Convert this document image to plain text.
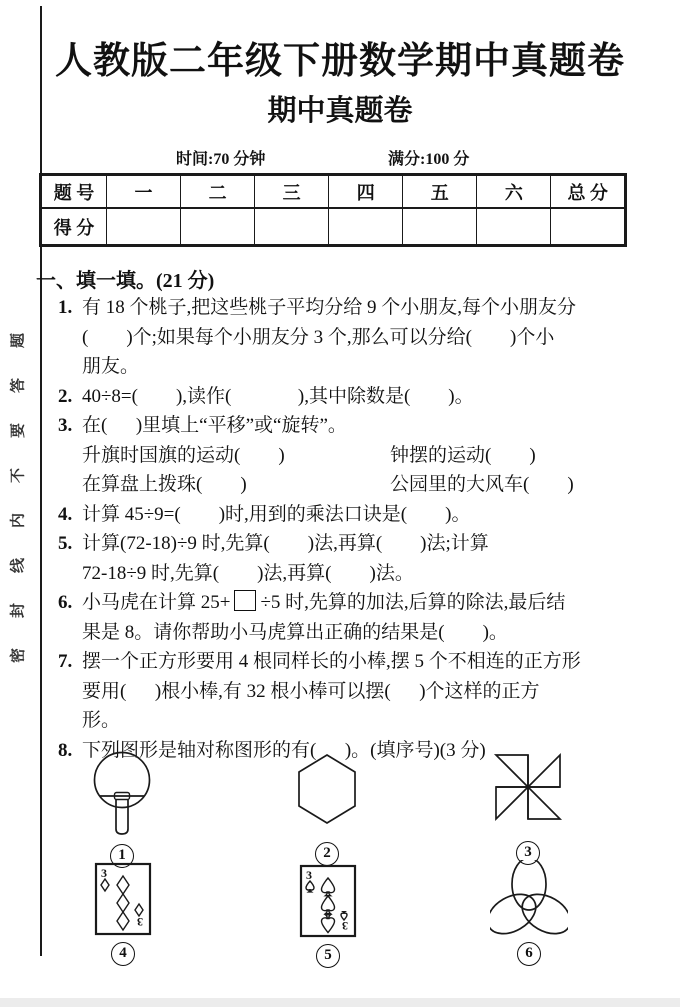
题
答
要
不
内
线
封
密
人教版二年级下册数学期中真题卷
期中真题卷
时间:70 分钟	满分:100 分
题 号	一	二	三	四	五	六	总 分
得 分							
一、填一填。(21 分)
1. 有 18 个桃子,把这些桃子平均分给 9 个小朋友,每个小朋友分
(        )个;如果每个小朋友分 3 个,那么可以分给(        )个小
朋友。
2. 40÷8=(        ),读作(              ),其中除数是(        )。
3. 在(      )里填上“平移”或“旋转”。
升旗时国旗的运动(        )	钟摆的运动(        )
在算盘上拨珠(        )	公园里的大风车(        )
4. 计算 45÷9=(        )时,用到的乘法口诀是(        )。
5. 计算(72-18)÷9 时,先算(        )法,再算(        )法;计算
72-18÷9 时,先算(        )法,再算(        )法。
6. 小马虎在计算 25+ ÷5 时,先算的加法,后算的除法,最后结
果是 8。请你帮助小马虎算出正确的结果是(        )。
7. 摆一个正方形要用 4 根同样长的小棒,摆 5 个不相连的正方形
要用(      )根小棒,有 32 根小棒可以摆(      )个这样的正方
形。
8. 下列图形是轴对称图形的有(      )。(填序号)(3 分)
1	2	3
3
3
4
3
3
5	6
